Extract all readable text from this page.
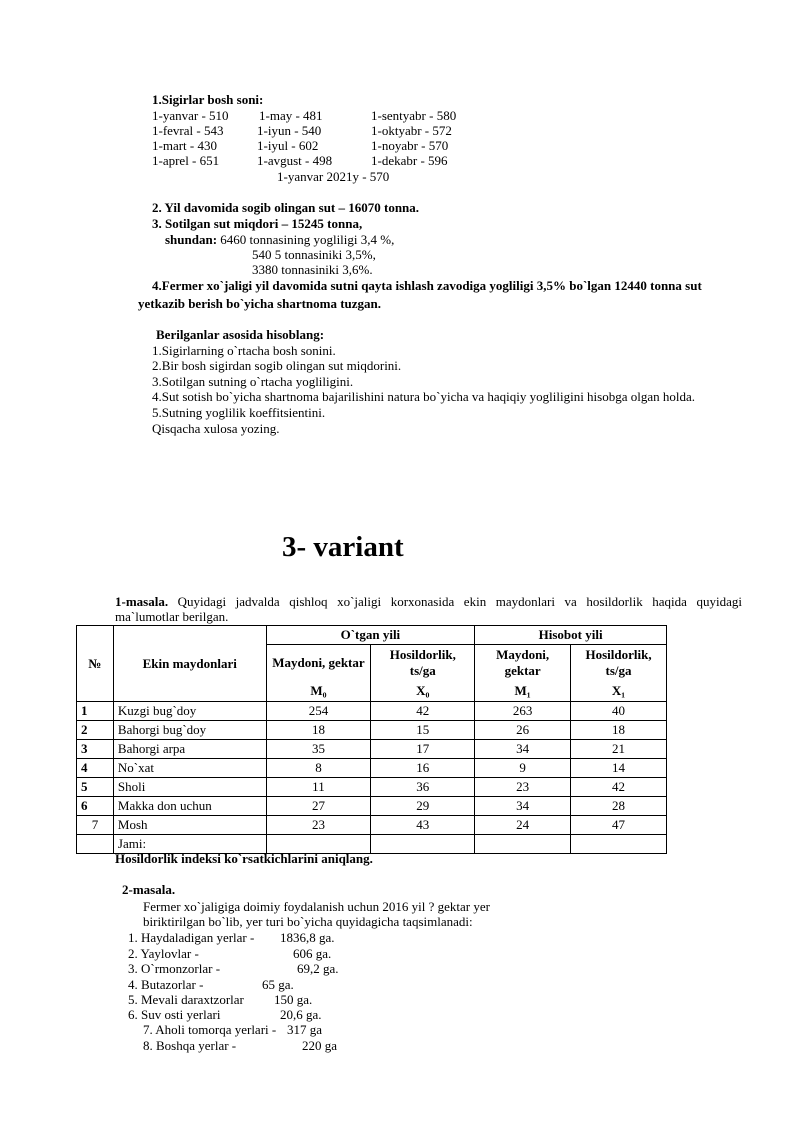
1.Sigirlar bosh soni:
1-yanvar - 510
1-fevral - 543
1-mart - 430
1-aprel - 651
1-may - 481
1-iyun - 540
1-iyul - 602
1-avgust - 498
1-sentyabr - 580
1-oktyabr - 572
1-noyabr - 570
1-dekabr - 596
1-yanvar 2021y - 570
2. Yil davomida sogib olingan sut – 16070 tonna.
3. Sotilgan sut miqdori – 15245 tonna,
shundan: 6460 tonnasining yogliligi 3,4 %,
540 5 tonnasiniki 3,5%,
3380 tonnasiniki 3,6%.
4.Fermer xo`jaligi yil davomida sutni qayta ishlash zavodiga yogliligi 3,5% bo`lgan 12440 tonna sut
yetkazib berish bo`yicha shartnoma tuzgan.
Berilganlar asosida hisoblang:
1.Sigirlarning o`rtacha bosh sonini.
2.Bir bosh sigirdan sogib olingan sut miqdorini.
3.Sotilgan sutning o`rtacha yogliligini.
4.Sut sotish bo`yicha shartnoma bajarilishini natura bo`yicha va haqiqiy yogliligini hisobga olgan holda.
5.Sutning yoglilik koeffitsientini.
Qisqacha xulosa yozing.
3- variant
1-masala. Quyidagi jadvalda qishloq xo`jaligi korxonasida ekin maydonlari va hosildorlik haqida quyidagi
ma`lumotlar berilgan.
№	Ekin maydonlari	O`tgan yili		Hisobot yili	
		Maydoni, gektar	Hosildorlik, ts/ga	Maydoni, gektar	Hosildorlik, ts/ga
		M₀	X₀	M₁	X₁
1	Kuzgi bug`doy	254	42	263	40
2	Bahorgi bug`doy	18	15	26	18
3	Bahorgi arpa	35	17	34	21
4	No`xat	8	16	9	14
5	Sholi	11	36	23	42
6	Makka don uchun	27	29	34	28
7	Mosh	23	43	24	47
	Jami:				
Hosildorlik indeksi ko`rsatkichlarini aniqlang.
2-masala.
Fermer xo`jaligiga doimiy foydalanish uchun 2016 yil ? gektar yer
biriktirilgan bo`lib, yer turi bo`yicha quyidagicha taqsimlanadi:
1. Haydaladigan yerlar - 1836,8 ga.
2. Yaylovlar -	606 ga.
3. O`rmonzorlar -	69,2 ga.
4. Butazorlar -	65 ga.
5. Mevali daraxtzorlar 150 ga.
6. Suv osti yerlari	20,6 ga.
7. Aholi tomorqa yerlari - 317 ga
8. Boshqa yerlar -	220 ga
